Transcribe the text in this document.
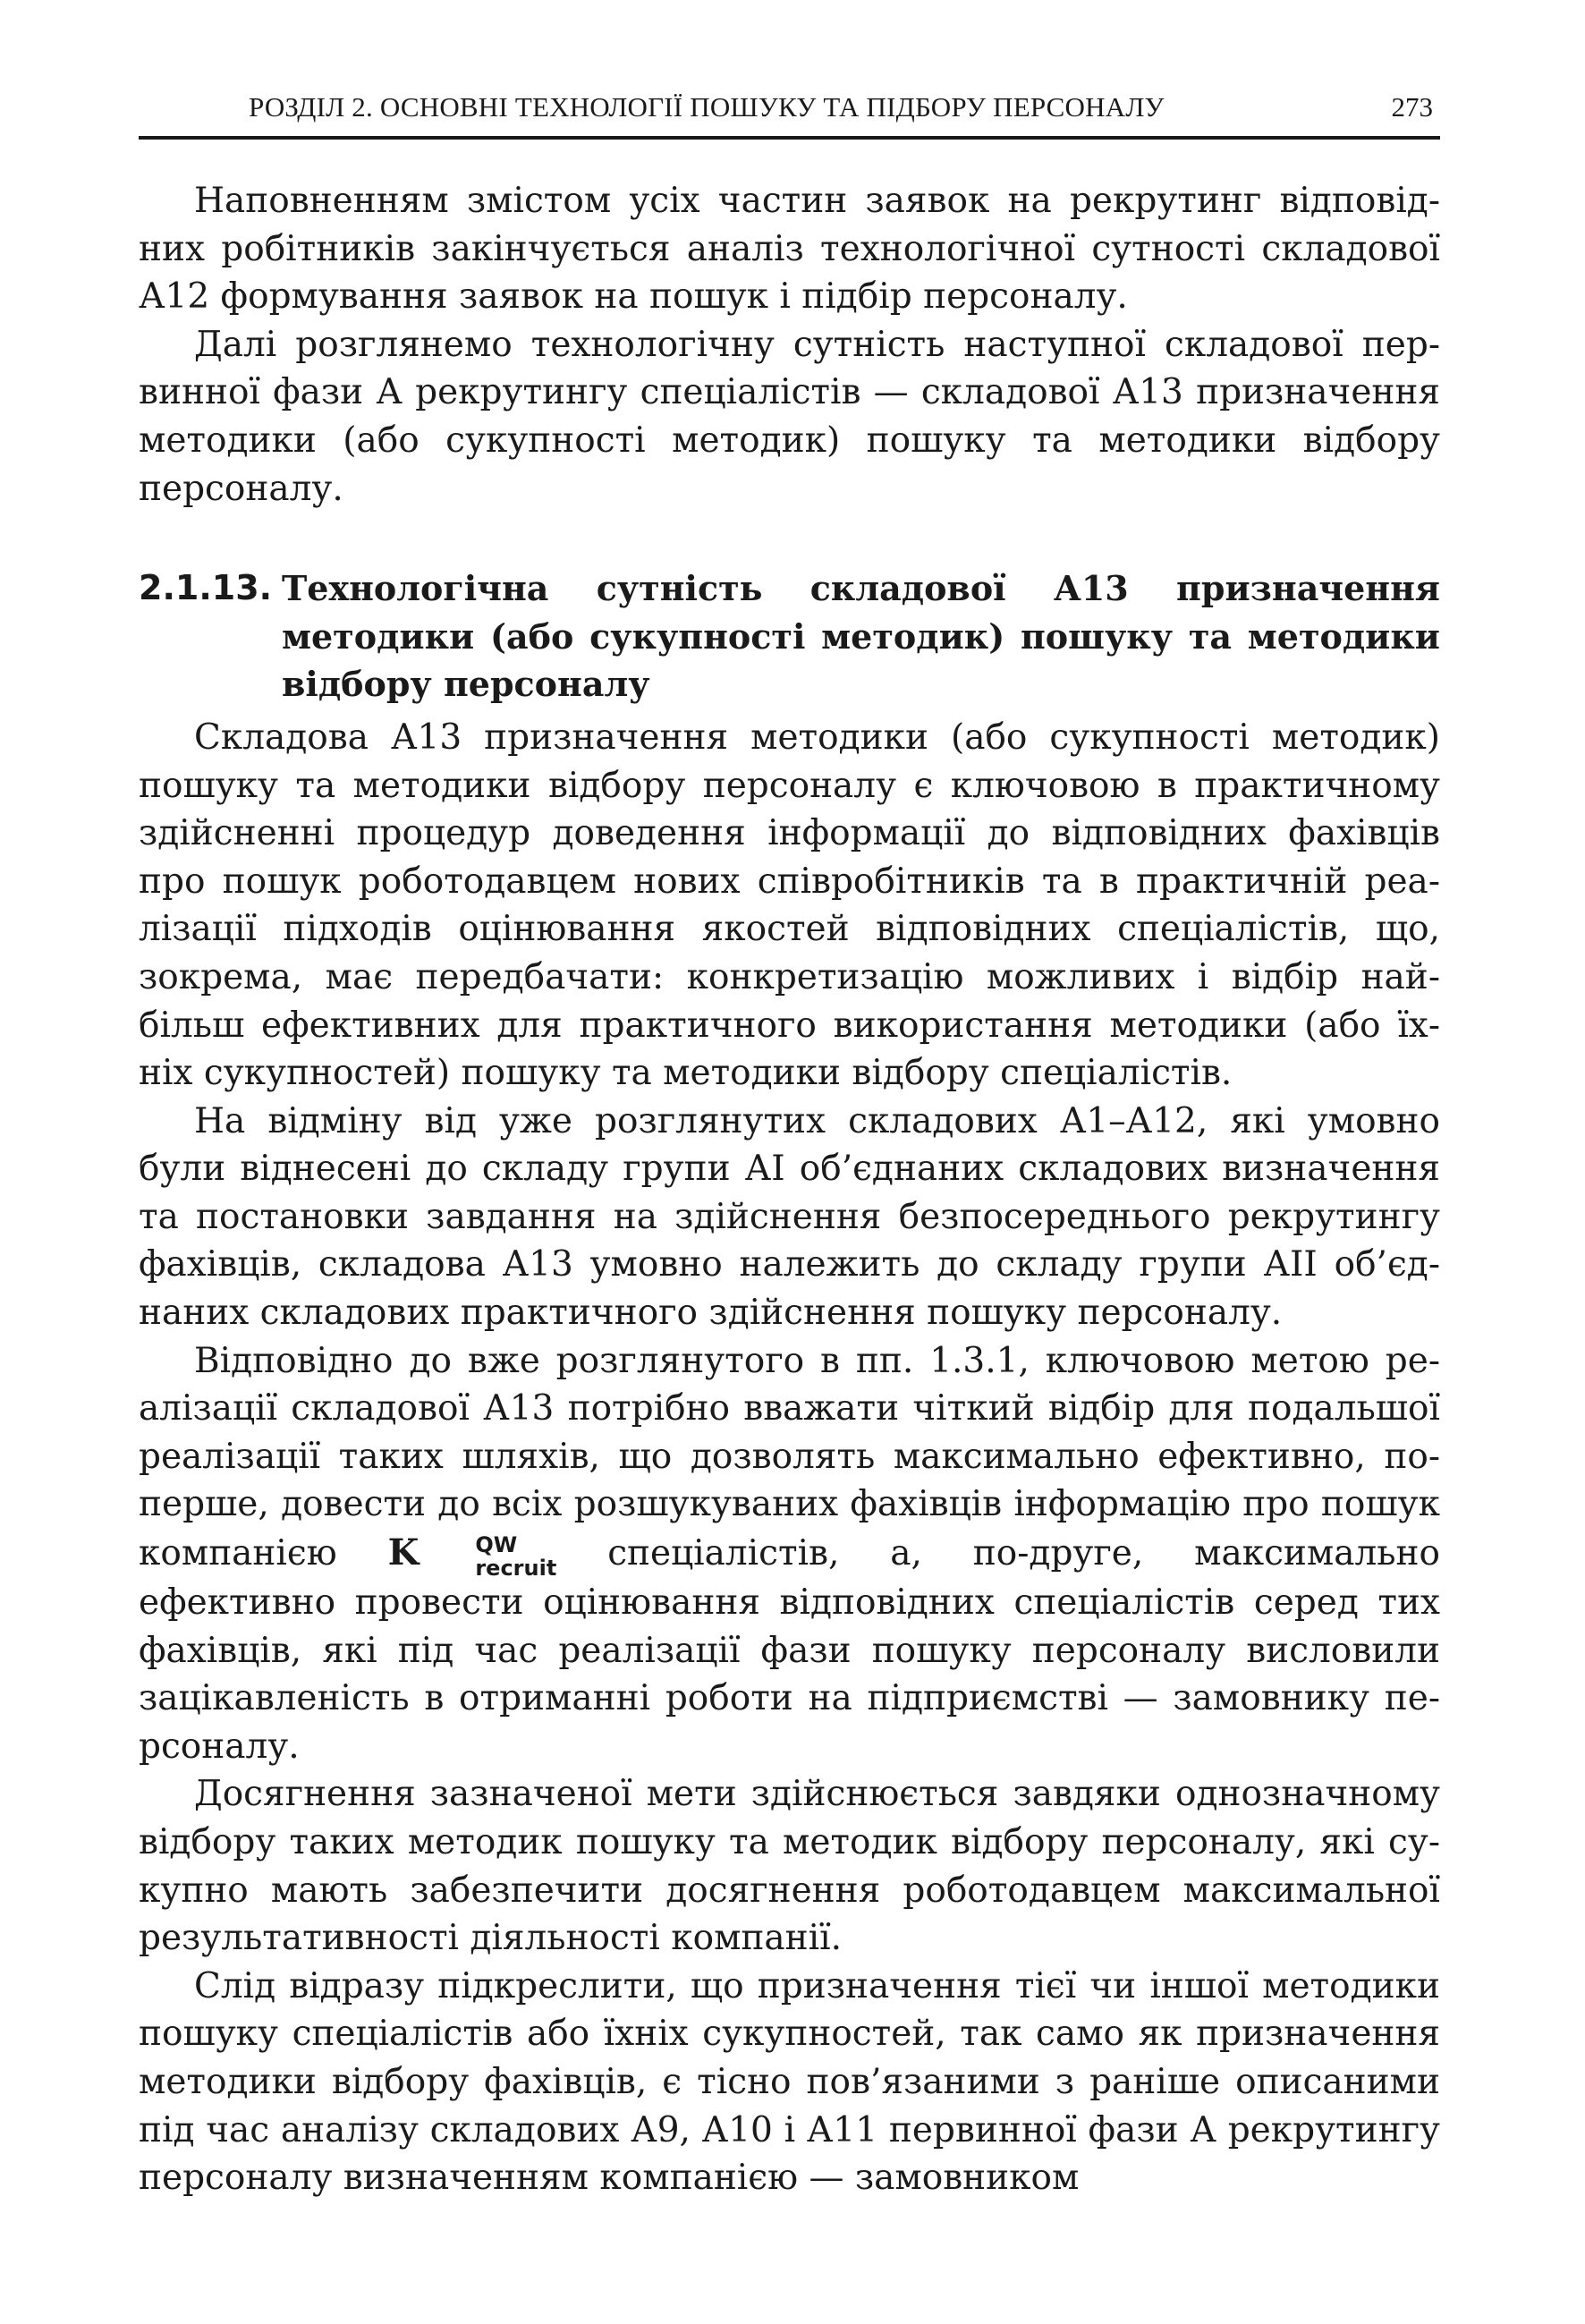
РОЗДІЛ 2. ОСНОВНІ ТЕХНОЛОГІЇ ПОШУКУ ТА ПІДБОРУ ПЕРСОНАЛУ	273

Наповненням змістом усіх частин заявок на рекрутинг відповідних робітників закінчується аналіз технологічної сутності складової А12 формування заявок на пошук і підбір персоналу.

Далі розглянемо технологічну сутність наступної складової первинної фази А рекрутингу спеціалістів — складової А13 призначення методики (або сукупності методик) пошуку та методики відбору персоналу.

2.1.13. Технологічна сутність складової А13 призначення методики (або сукупності методик) пошуку та методики відбору персоналу

Складова А13 призначення методики (або сукупності методик) пошуку та методики відбору персоналу є ключовою в практичному здійсненні процедур доведення інформації до відповідних фахівців про пошук роботодавцем нових співробітників та в практичній реалізації підходів оцінювання якостей відповідних спеціалістів, що, зокрема, має передбачати: конкретизацію можливих і відбір найбільш ефективних для практичного використання методики (або їхніх сукупностей) пошуку та методики відбору спеціалістів.

На відміну від уже розглянутих складових А1–А12, які умовно були віднесені до складу групи АІ об’єднаних складових визначення та постановки завдання на здійснення безпосереднього рекрутингу фахівців, складова А13 умовно належить до складу групи АІІ об’єднаних складових практичного здійснення пошуку персоналу.

Відповідно до вже розглянутого в пп. 1.3.1, ключовою метою реалізації складової А13 потрібно вважати чіткий відбір для подальшої реалізації таких шляхів, що дозволять максимально ефективно, по-перше, довести до всіх розшукуваних фахівців інформацію про пошук компанією K	QW
recruit спеціалістів, а, по-друге, максимально ефективно провести оцінювання відповідних спеціалістів серед тих фахівців, які під час реалізації фази пошуку персоналу висловили зацікавленість в отриманні роботи на підприємстві — замовнику персоналу.

Досягнення зазначеної мети здійснюється завдяки однозначному відбору таких методик пошуку та методик відбору персоналу, які сукупно мають забезпечити досягнення роботодавцем максимальної результативності діяльності компанії.

Слід відразу підкреслити, що призначення тієї чи іншої методики пошуку спеціалістів або їхніх сукупностей, так само як призначення методики відбору фахівців, є тісно пов’язаними з раніше описаними під час аналізу складових А9, А10 і А11 первинної фази А рекрутингу персоналу визначенням компанією — замовником
